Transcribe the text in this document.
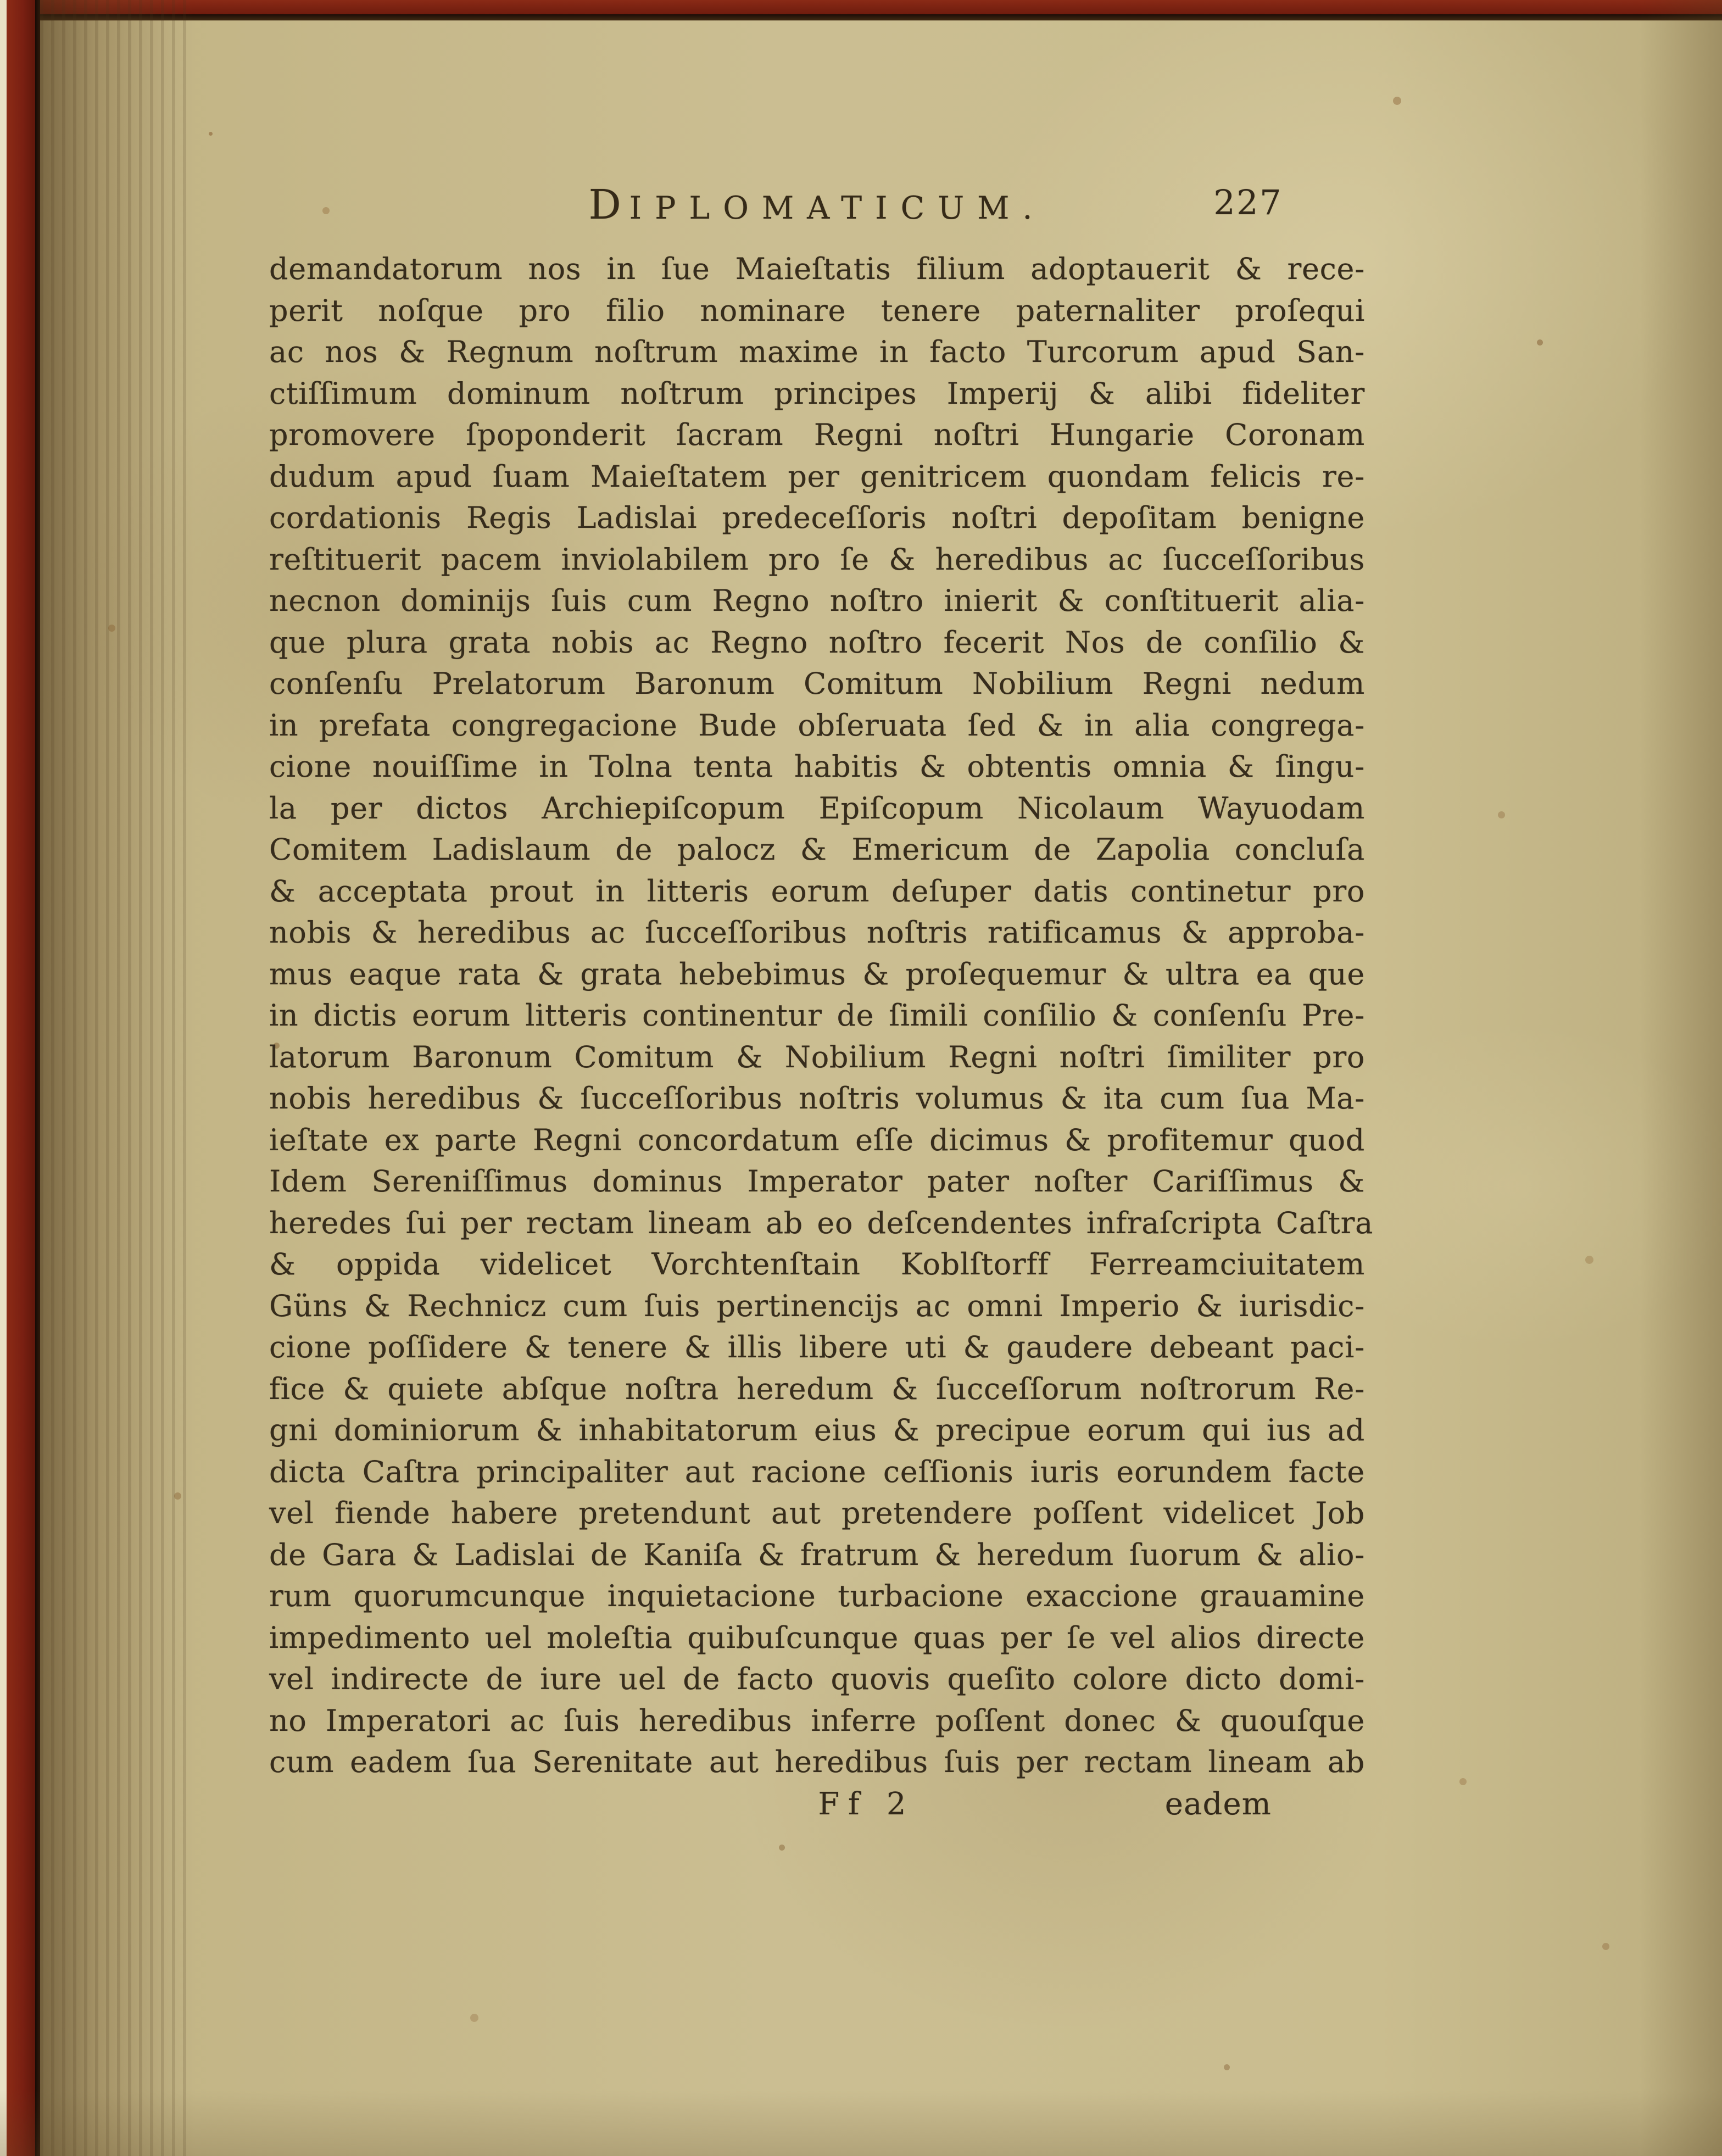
DIPLOMATICUM.	227
demandatorum nos in ſue Maieſtatis filium adoptauerit & rece-
perit noſque pro filio nominare tenere paternaliter proſequi
ac nos & Regnum noſtrum maxime in facto Turcorum apud San-
ctiſſimum dominum noſtrum principes Imperij & alibi fideliter
promovere ſpoponderit ſacram Regni noſtri Hungarie Coronam
dudum apud ſuam Maieſtatem per genitricem quondam felicis re-
cordationis Regis Ladislai predeceſſoris noſtri depoſitam benigne
reſtituerit pacem inviolabilem pro ſe & heredibus ac ſucceſſoribus
necnon dominijs ſuis cum Regno noſtro inierit & conſtituerit alia-
que plura grata nobis ac Regno noſtro fecerit Nos de conſilio &
conſenſu Prelatorum Baronum Comitum Nobilium Regni nedum
in prefata congregacione Bude obſeruata ſed & in alia congrega-
cione nouiſſime in Tolna tenta habitis & obtentis omnia & ſingu-
la per dictos Archiepiſcopum Epiſcopum Nicolaum Wayuodam
Comitem Ladislaum de palocz & Emericum de Zapolia concluſa
& acceptata prout in litteris eorum deſuper datis continetur pro
nobis & heredibus ac ſucceſſoribus noſtris ratificamus & approba-
mus eaque rata & grata hebebimus & proſequemur & ultra ea que
in dictis eorum litteris continentur de ſimili conſilio & conſenſu Pre-
latorum Baronum Comitum & Nobilium Regni noſtri ſimiliter pro
nobis heredibus & ſucceſſoribus noſtris volumus & ita cum ſua Ma-
ieſtate ex parte Regni concordatum eſſe dicimus & profitemur quod
Idem Sereniſſimus dominus Imperator pater noſter Cariſſimus &
heredes ſui per rectam lineam ab eo deſcendentes infraſcripta Caſtra
& oppida videlicet Vorchtenſtain Koblſtorff Ferreamciuitatem
Güns & Rechnicz cum ſuis pertinencijs ac omni Imperio & iurisdic-
cione poſſidere & tenere & illis libere uti & gaudere debeant paci-
fice & quiete abſque noſtra heredum & ſucceſſorum noſtrorum Re-
gni dominiorum & inhabitatorum eius & precipue eorum qui ius ad
dicta Caſtra principaliter aut racione ceſſionis iuris eorundem facte
vel fiende habere pretendunt aut pretendere poſſent videlicet Job
de Gara & Ladislai de Kaniſa & fratrum & heredum ſuorum & alio-
rum quorumcunque inquietacione turbacione exaccione grauamine
impedimento uel moleſtia quibuſcunque quas per ſe vel alios directe
vel indirecte de iure uel de facto quovis queſito colore dicto domi-
no Imperatori ac ſuis heredibus inferre poſſent donec & quouſque
cum eadem ſua Serenitate aut heredibus ſuis per rectam lineam ab
Ff 2	eadem
